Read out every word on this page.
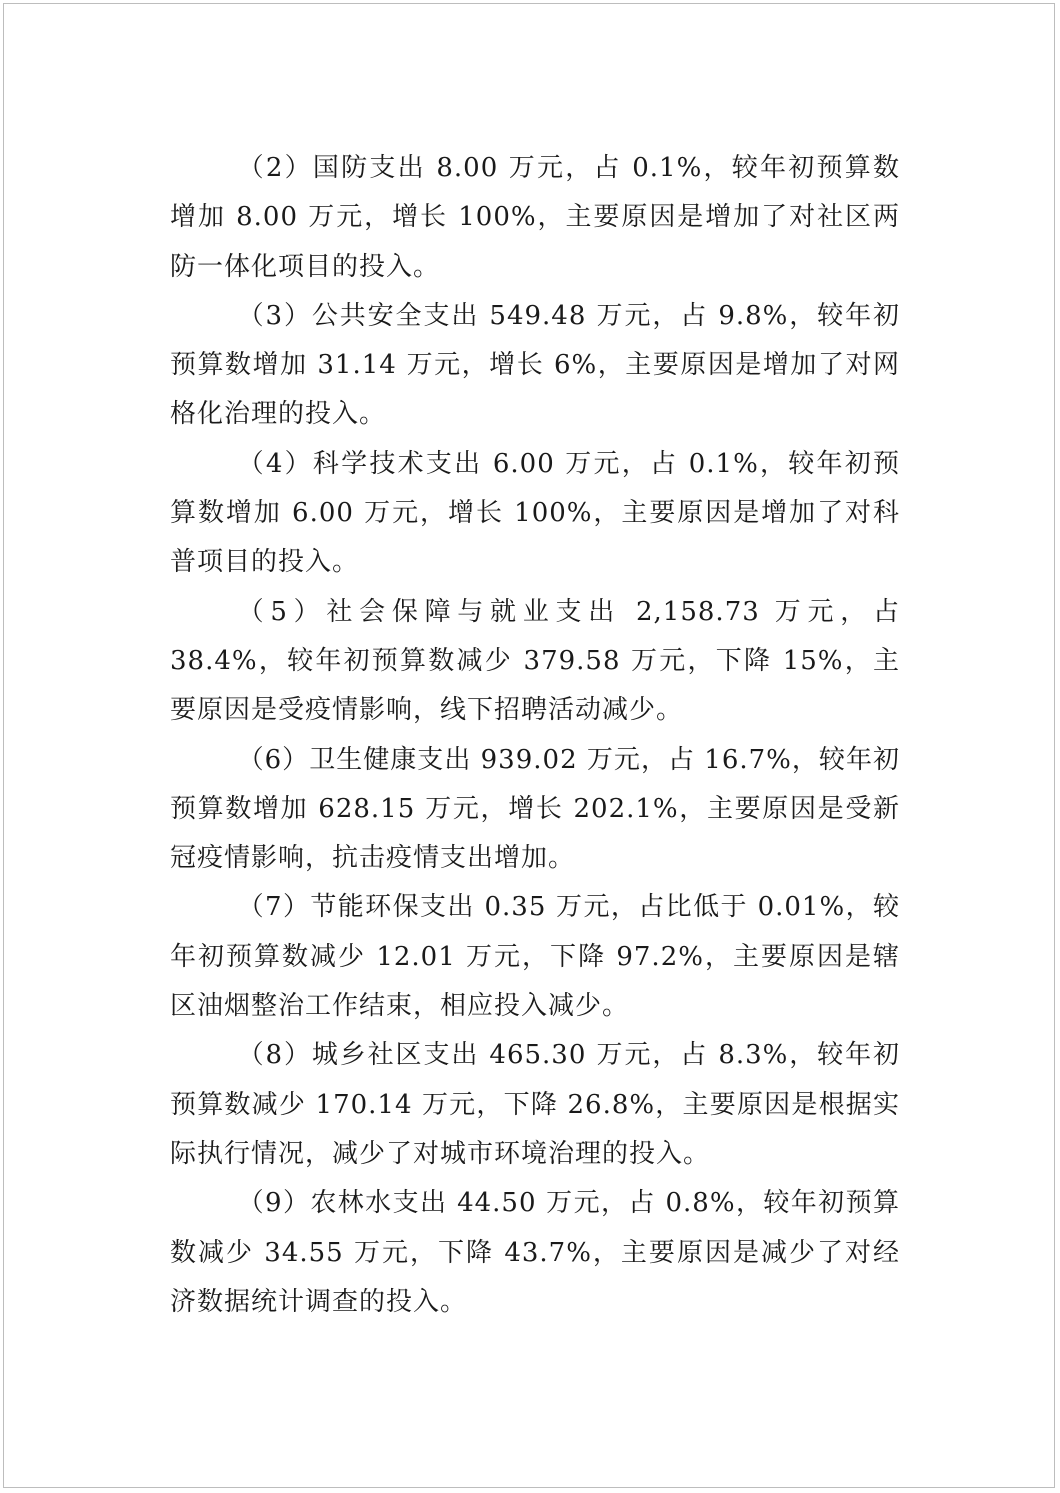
（2）国防支出 8.00 万元，占 0.1%，较年初预算数增加 8.00 万元，增长 100%，主要原因是增加了对社区两防一体化项目的投入。

（3）公共安全支出 549.48 万元，占 9.8%，较年初预算数增加 31.14 万元，增长 6%，主要原因是增加了对网格化治理的投入。

（4）科学技术支出 6.00 万元，占 0.1%，较年初预算数增加 6.00 万元，增长 100%，主要原因是增加了对科普项目的投入。

（5）社会保障与就业支出 2,158.73 万元，占 38.4%，较年初预算数减少 379.58 万元，下降 15%，主要原因是受疫情影响，线下招聘活动减少。

（6）卫生健康支出 939.02 万元，占 16.7%，较年初预算数增加 628.15 万元，增长 202.1%，主要原因是受新冠疫情影响，抗击疫情支出增加。

（7）节能环保支出 0.35 万元，占比低于 0.01%，较年初预算数减少 12.01 万元，下降 97.2%，主要原因是辖区油烟整治工作结束，相应投入减少。

（8）城乡社区支出 465.30 万元，占 8.3%，较年初预算数减少 170.14 万元，下降 26.8%，主要原因是根据实际执行情况，减少了对城市环境治理的投入。

（9）农林水支出 44.50 万元，占 0.8%，较年初预算数减少 34.55 万元，下降 43.7%，主要原因是减少了对经济数据统计调查的投入。
